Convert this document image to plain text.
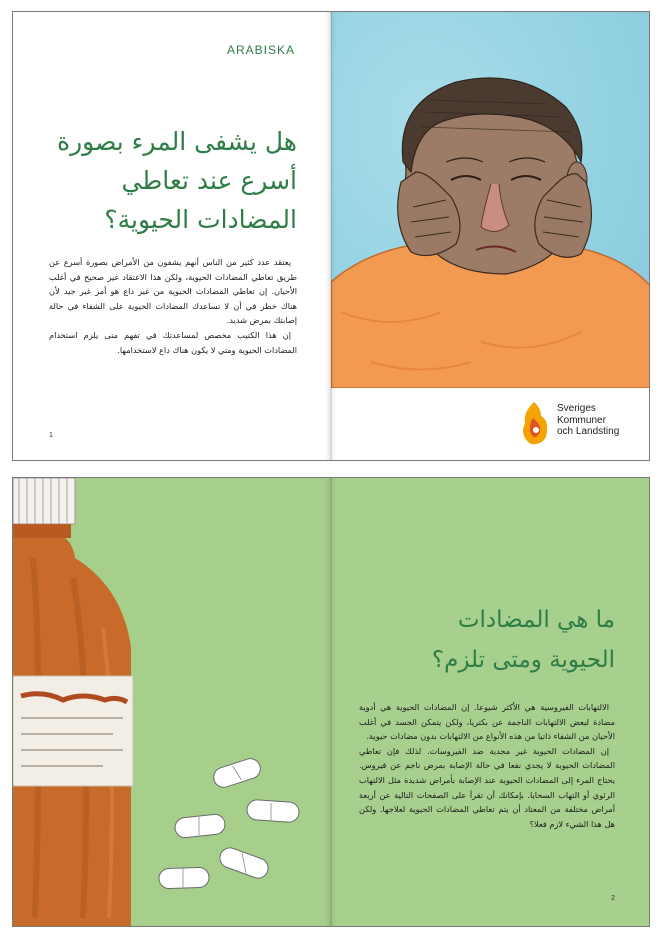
ARABISKA
هل يشفى المرء بصورة
أسرع عند تعاطي
المضادات الحيوية؟

يعتقد عدد كثير من الناس أنهم يشفون من الأمراض بصورة أسرع عن طريق تعاطي المضادات الحيوية، ولكن هذا الاعتقاد غير صحيح في أغلب الأحيان. إن تعاطي المضادات الحيوية من غير داع هو أمر غير جيد لأن هناك خطر في أن لا تساعدك المضادات الحيوية على الشفاء في حالة إصابتك بمرض شديد.

إن هذا الكتيب مخصص لمساعدتك في تفهم متى يلزم استخدام المضادات الحيوية ومتي لا يكون هناك داع لاستخدامها.

1
Sveriges
Kommuner
och Landsting
ما هي المضادات
الحيوية ومتى تلزم؟

الالتهابات الفيروسية هي الأكثر شيوعا. إن المضادات الحيوية هي أدوية مضادة لبعض الالتهابات الناجمة عن بكتريا، ولكن يتمكن الجسد في أغلب الأحيان من الشفاء ذاتيا من هذه الأنواع من الالتهابات بدون مضادات حيوية.

إن المضادات الحيوية غير مجدية ضد الفيروسات. لذلك فإن تعاطي المضادات الحيوية لا يجدي نفعا في حالة الإصابة بمرض ناجم عن فيروس. يحتاج المرء إلى المضادات الحيوية عند الإصابة بأمراض شديدة مثل الالتهاب الرئوي أو التهاب السحايا. بإمكانك أن تقرأ على الصفحات التالية عن أربعة أمراض مختلفة من المعتاد أن يتم تعاطي المضادات الحيوية لعلاجها. ولكن هل هذا الشيء لازم فعلا؟

2
